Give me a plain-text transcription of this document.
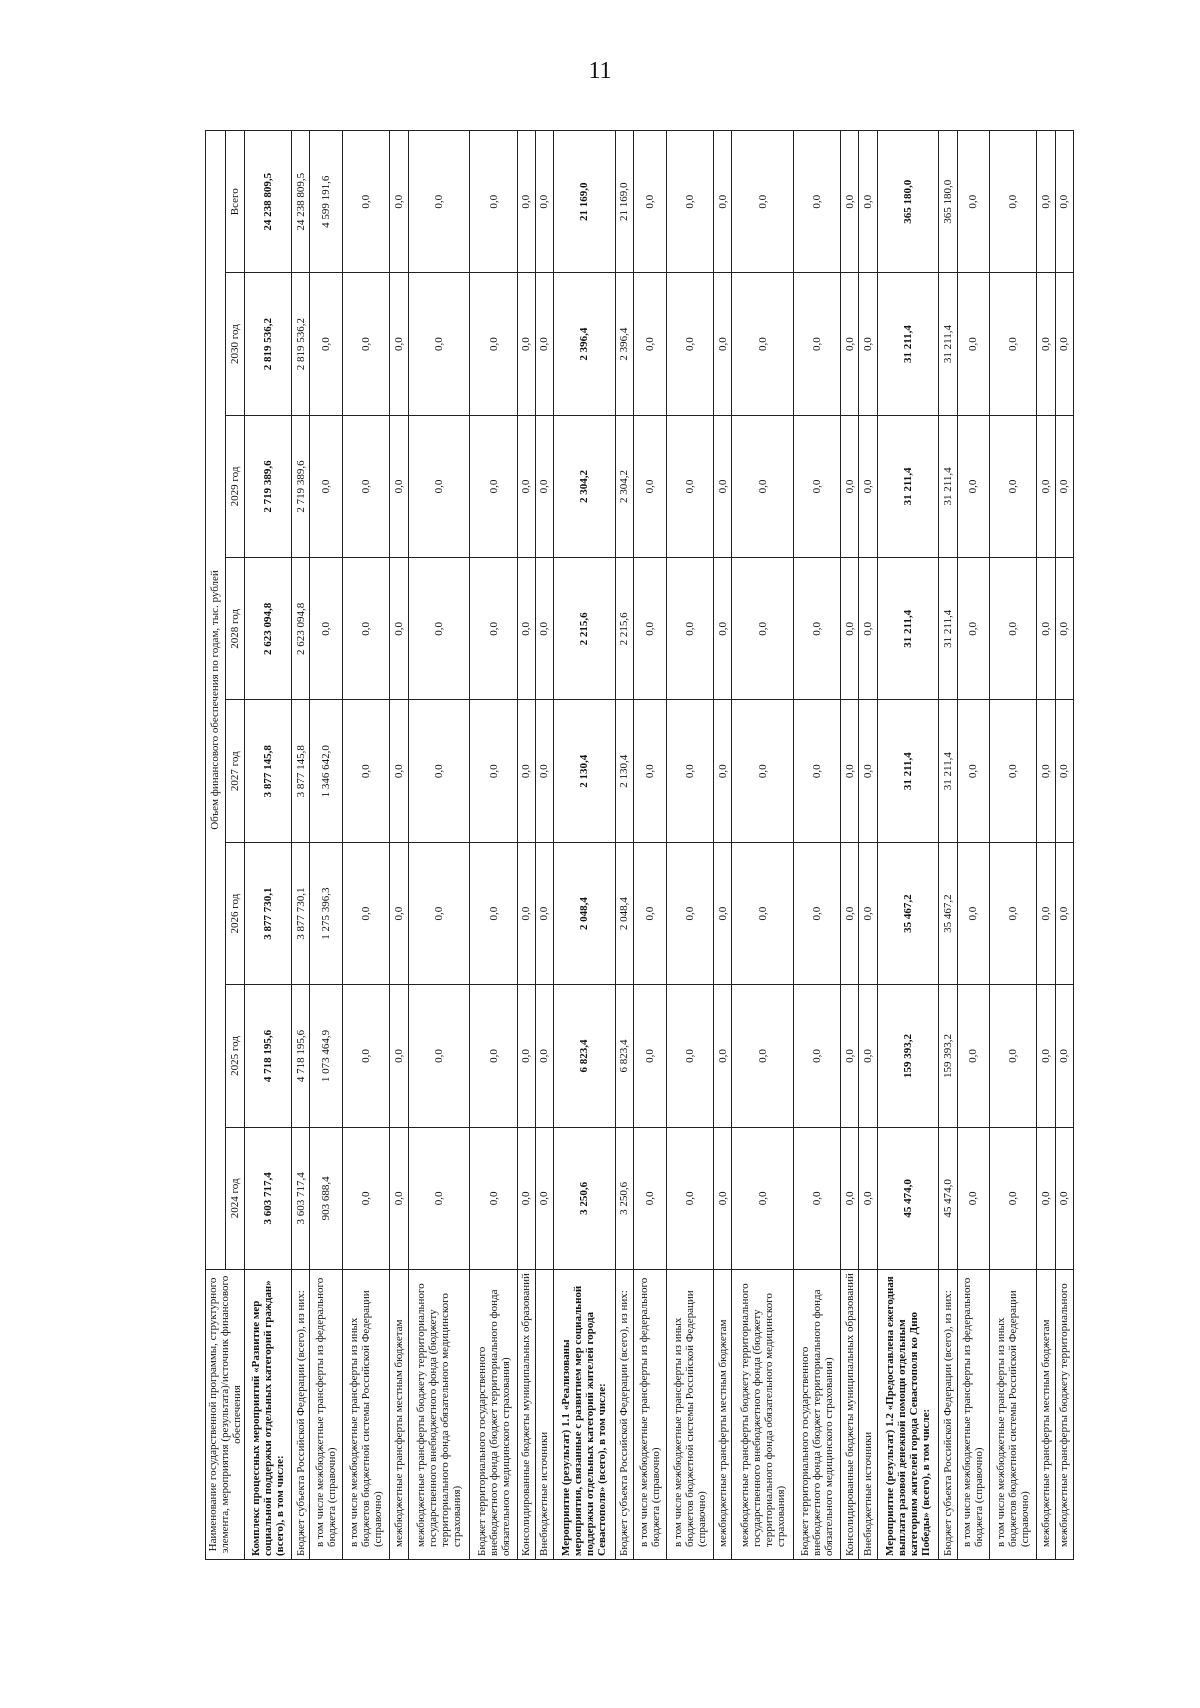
11
Наименование государственной программы, структурного элемента, мероприятия (результата)/источник финансового обеспечения	Объем финансового обеспечения по годам, тыс. рублей							
	2024 год	2025 год	2026 год	2027 год	2028 год	2029 год	2030 год	Всего
Комплекс процессных мероприятий «Развитие мер социальной поддержки отдельных категорий граждан» (всего), в том числе:	3 603 717,4	4 718 195,6	3 877 730,1	3 877 145,8	2 623 094,8	2 719 389,6	2 819 536,2	24 238 809,5
Бюджет субъекта Российской Федерации (всего), из них:	3 603 717,4	4 718 195,6	3 877 730,1	3 877 145,8	2 623 094,8	2 719 389,6	2 819 536,2	24 238 809,5
в том числе межбюджетные трансферты из федерального бюджета (справочно)	903 688,4	1 073 464,9	1 275 396,3	1 346 642,0	0,0	0,0	0,0	4 599 191,6
в том числе межбюджетные трансферты из иных бюджетов бюджетной системы Российской Федерации (справочно)	0,0	0,0	0,0	0,0	0,0	0,0	0,0	0,0
межбюджетные трансферты местным бюджетам	0,0	0,0	0,0	0,0	0,0	0,0	0,0	0,0
межбюджетные трансферты бюджету территориального государственного внебюджетного фонда (бюджету территориального фонда обязательного медицинского страхования)	0,0	0,0	0,0	0,0	0,0	0,0	0,0	0,0
Бюджет территориального государственного внебюджетного фонда (бюджет территориального фонда обязательного медицинского страхования)	0,0	0,0	0,0	0,0	0,0	0,0	0,0	0,0
Консолидированные бюджеты муниципальных образований	0,0	0,0	0,0	0,0	0,0	0,0	0,0	0,0
Внебюджетные источники	0,0	0,0	0,0	0,0	0,0	0,0	0,0	0,0
Мероприятие (результат) 1.1 «Реализованы мероприятия, связанные с развитием мер социальной поддержки отдельных категорий жителей города Севастополя» (всего), в том числе:	3 250,6	6 823,4	2 048,4	2 130,4	2 215,6	2 304,2	2 396,4	21 169,0
Бюджет субъекта Российской Федерации (всего), из них:	3 250,6	6 823,4	2 048,4	2 130,4	2 215,6	2 304,2	2 396,4	21 169,0
в том числе межбюджетные трансферты из федерального бюджета (справочно)	0,0	0,0	0,0	0,0	0,0	0,0	0,0	0,0
в том числе межбюджетные трансферты из иных бюджетов бюджетной системы Российской Федерации (справочно)	0,0	0,0	0,0	0,0	0,0	0,0	0,0	0,0
межбюджетные трансферты местным бюджетам	0,0	0,0	0,0	0,0	0,0	0,0	0,0	0,0
межбюджетные трансферты бюджету территориального государственного внебюджетного фонда (бюджету территориального фонда обязательного медицинского страхования)	0,0	0,0	0,0	0,0	0,0	0,0	0,0	0,0
Бюджет территориального государственного внебюджетного фонда (бюджет территориального фонда обязательного медицинского страхования)	0,0	0,0	0,0	0,0	0,0	0,0	0,0	0,0
Консолидированные бюджеты муниципальных образований	0,0	0,0	0,0	0,0	0,0	0,0	0,0	0,0
Внебюджетные источники	0,0	0,0	0,0	0,0	0,0	0,0	0,0	0,0
Мероприятие (результат) 1.2 «Предоставлена ежегодная выплата разовой денежной помощи отдельным категориям жителей города Севастополя ко Дню Победы» (всего), в том числе:	45 474,0	159 393,2	35 467,2	31 211,4	31 211,4	31 211,4	31 211,4	365 180,0
Бюджет субъекта Российской Федерации (всего), из них:	45 474,0	159 393,2	35 467,2	31 211,4	31 211,4	31 211,4	31 211,4	365 180,0
в том числе межбюджетные трансферты из федерального бюджета (справочно)	0,0	0,0	0,0	0,0	0,0	0,0	0,0	0,0
в том числе межбюджетные трансферты из иных бюджетов бюджетной системы Российской Федерации (справочно)	0,0	0,0	0,0	0,0	0,0	0,0	0,0	0,0
межбюджетные трансферты местным бюджетам	0,0	0,0	0,0	0,0	0,0	0,0	0,0	0,0
межбюджетные трансферты бюджету территориального	0,0	0,0	0,0	0,0	0,0	0,0	0,0	0,0
